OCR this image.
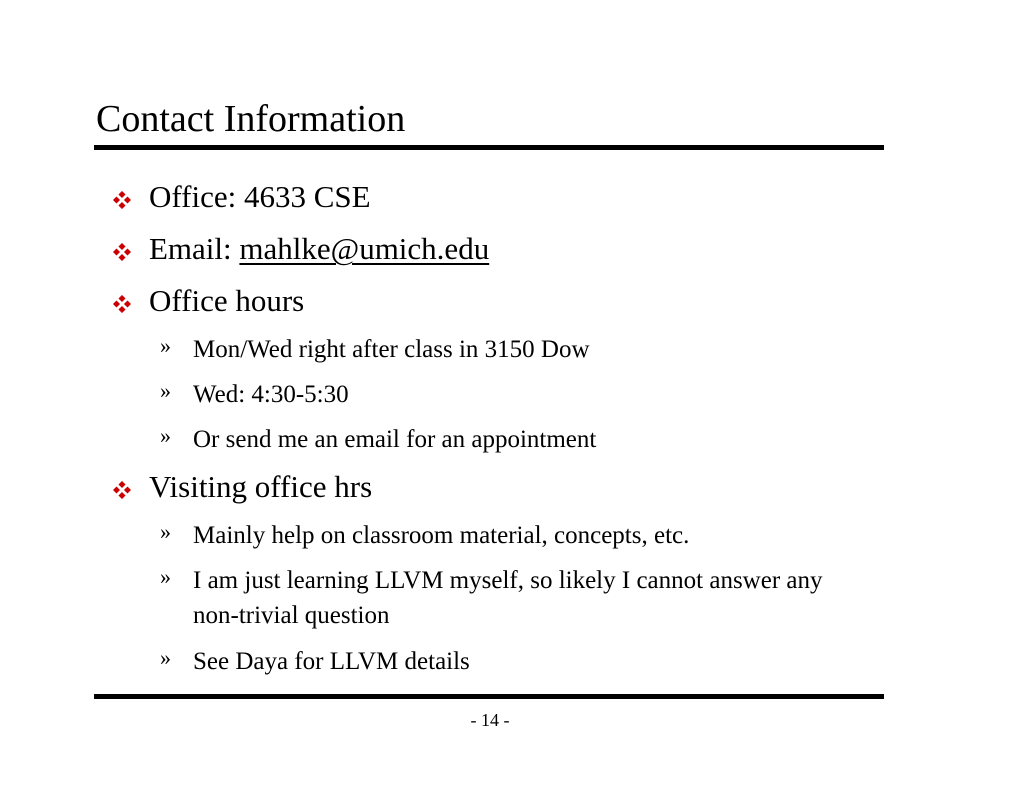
Contact Information
Office: 4633 CSE
Email: mahlke@umich.edu
Office hours
» Mon/Wed right after class in 3150 Dow
» Wed: 4:30-5:30
» Or send me an email for an appointment
Visiting office hrs
» Mainly help on classroom material, concepts, etc.
» I am just learning LLVM myself, so likely I cannot answer any non-trivial question
» See Daya for LLVM details
- 14 -
